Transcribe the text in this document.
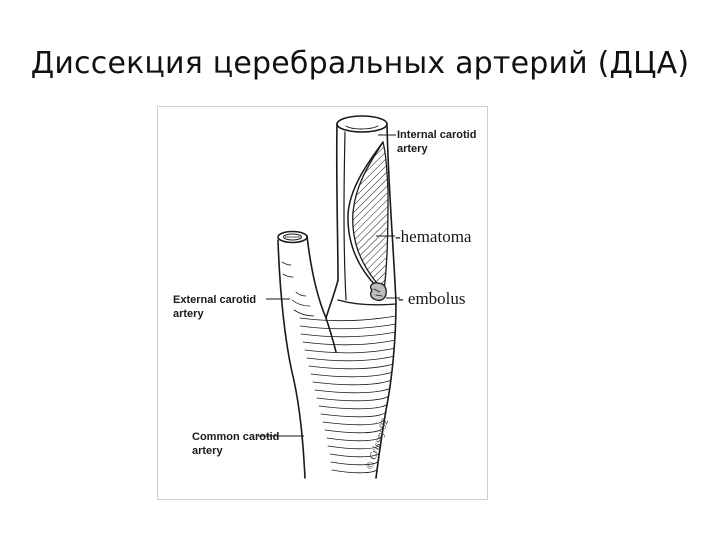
Диссекция церебральных артерий (ДЦА)
Internal carotid
artery
-hematoma
- embolus
External carotid
artery
Common carotid
artery	© Crissey 92
